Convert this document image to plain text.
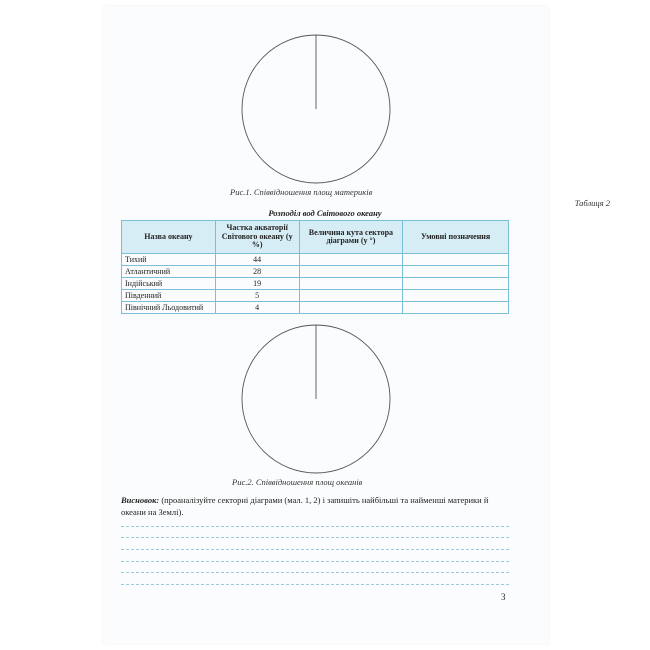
Рис.1. Співвідношення площ материків
Таблиця 2
Розподіл вод Світового океану
Назва океану	Частка акваторії Світового океану (у %)	Величина кута сектора діаграми (у °)	Умовні позначення
Тихий	44		
Атлантичний	28		
Індійський	19		
Південний	5		
Північний Льодовитий	4		
Рис.2. Співвідношення площ океанів
Висновок: (проаналізуйте секторні діаграми (мал. 1, 2) і запишіть найбільші та найменші материки й океани на Землі).
3
